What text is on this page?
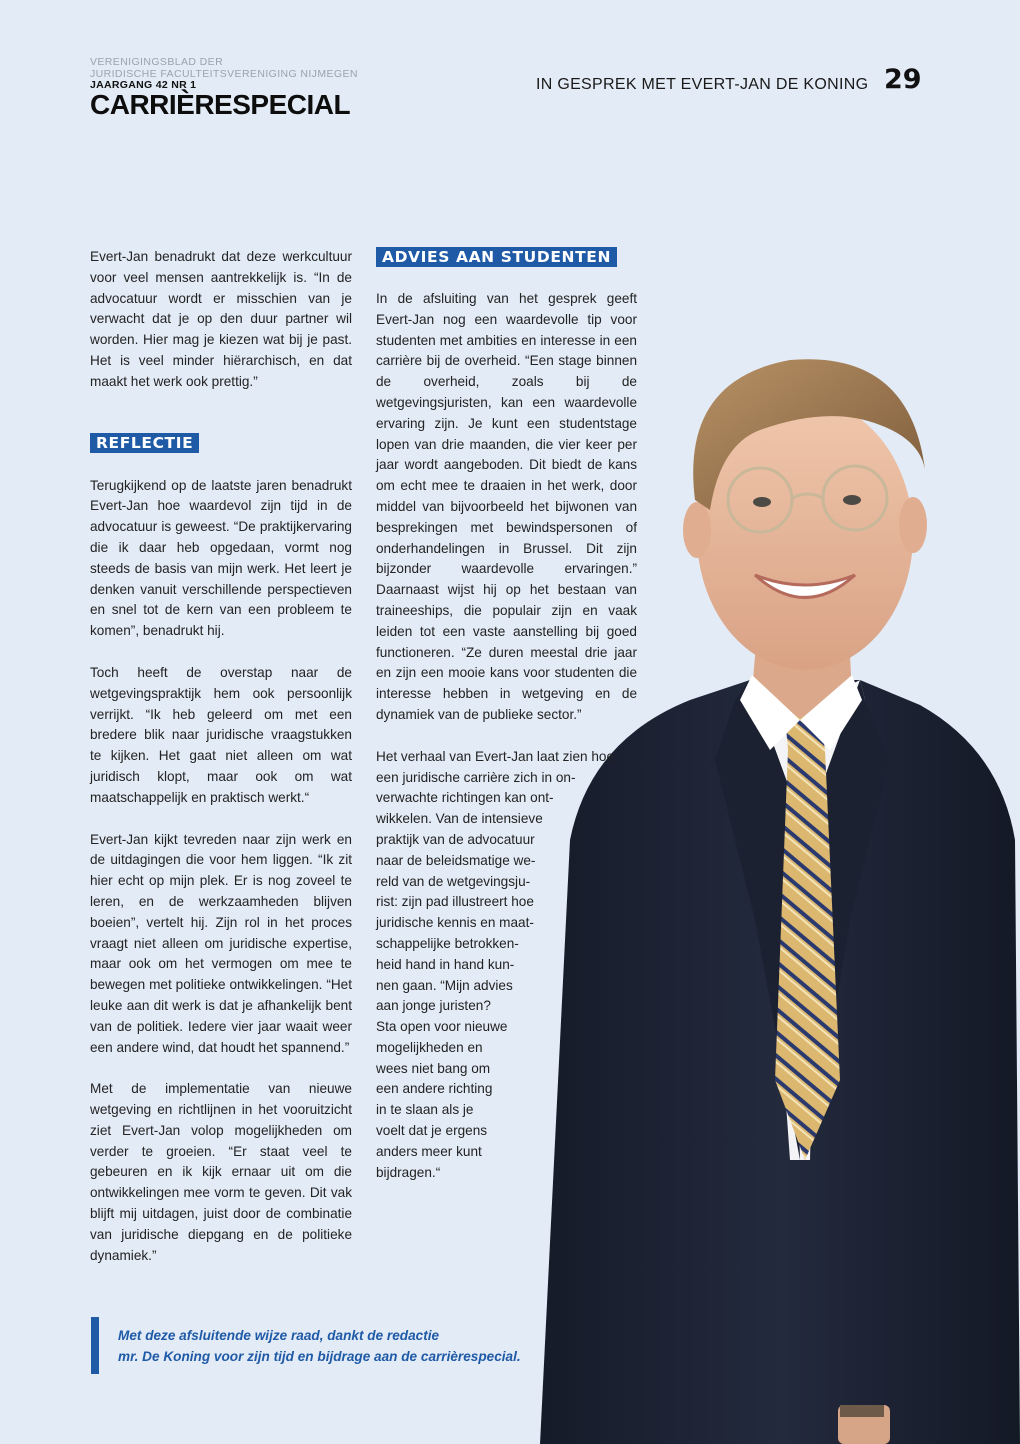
VERENIGINGSBLAD DER
JURIDISCHE FACULTEITSVERENIGING NIJMEGEN
JAARGANG 42 NR 1
CARRIÈRESPECIAL
IN GESPREK MET EVERT-JAN DE KONING 29

Evert-Jan benadrukt dat deze werkcultuur voor veel mensen aantrekkelijk is. “In de advocatuur wordt er misschien van je verwacht dat je op den duur partner wil worden. Hier mag je kiezen wat bij je past. Het is veel minder hiërarchisch, en dat maakt het werk ook prettig.”

Terugkijkend op de laatste jaren benadrukt Evert-Jan hoe waardevol zijn tijd in de advocatuur is geweest. “De praktijkervaring die ik daar heb opgedaan, vormt nog steeds de basis van mijn werk. Het leert je denken vanuit verschillende perspectieven en snel tot de kern van een probleem te komen”, benadrukt hij.

Toch heeft de overstap naar de wetgevingspraktijk hem ook persoonlijk verrijkt. “Ik heb geleerd om met een bredere blik naar juridische vraagstukken te kijken. Het gaat niet alleen om wat juridisch klopt, maar ook om wat maatschappelijk en praktisch werkt.“

Evert-Jan kijkt tevreden naar zijn werk en de uitdagingen die voor hem liggen. “Ik zit hier echt op mijn plek. Er is nog zoveel te leren, en de werkzaamheden blijven boeien”, vertelt hij. Zijn rol in het proces vraagt niet alleen om juridische expertise, maar ook om het vermogen om mee te bewegen met politieke ontwikkelingen. “Het leuke aan dit werk is dat je afhankelijk bent van de politiek. Iedere vier jaar waait weer een andere wind, dat houdt het spannend.”

Met de implementatie van nieuwe wetgeving en richtlijnen in het vooruitzicht ziet Evert-Jan volop mogelijkheden om verder te groeien. “Er staat veel te gebeuren en ik kijk ernaar uit om die ontwikkelingen mee vorm te geven. Dit vak blijft mij uitdagen, juist door de combinatie van juridische diepgang en de politieke dynamiek.”

REFLECTIE
ADVIES AAN STUDENTEN

In de afsluiting van het gesprek geeft Evert-Jan nog een waardevolle tip voor studenten met ambities en interesse in een carrière bij de overheid. “Een stage binnen de overheid, zoals bij de wetgevingsjuristen, kan een waardevolle ervaring zijn. Je kunt een studentstage lopen van drie maanden, die vier keer per jaar wordt aangeboden. Dit biedt de kans om echt mee te draaien in het werk, door middel van bijvoorbeeld het bijwonen van besprekingen met bewindspersonen of onderhandelingen in Brussel. Dit zijn bijzonder waardevolle ervaringen.” Daarnaast wijst hij op het bestaan van traineeships, die populair zijn en vaak leiden tot een vaste aanstelling bij goed functioneren. “Ze duren meestal drie jaar en zijn een mooie kans voor studenten die interesse hebben in wetgeving en de dynamiek van de publieke sector.”

Het verhaal van Evert-Jan laat zien hoe
een juridische carrière zich in on-
verwachte richtingen kan ont-
wikkelen. Van de intensieve
praktijk van de advocatuur
naar de beleidsmatige we-
reld van de wetgevingsju-
rist: zijn pad illustreert hoe
juridische kennis en maat-
schappelijke betrokken-
heid hand in hand kun-
nen gaan. “Mijn advies
aan jonge juristen?
Sta open voor nieuwe
mogelijkheden en
wees niet bang om
een andere richting
in te slaan als je
voelt dat je ergens
anders meer kunt
bijdragen.“
Met deze afsluitende wijze raad, dankt de redactie
mr. De Koning voor zijn tijd en bijdrage aan de carrièrespecial.
